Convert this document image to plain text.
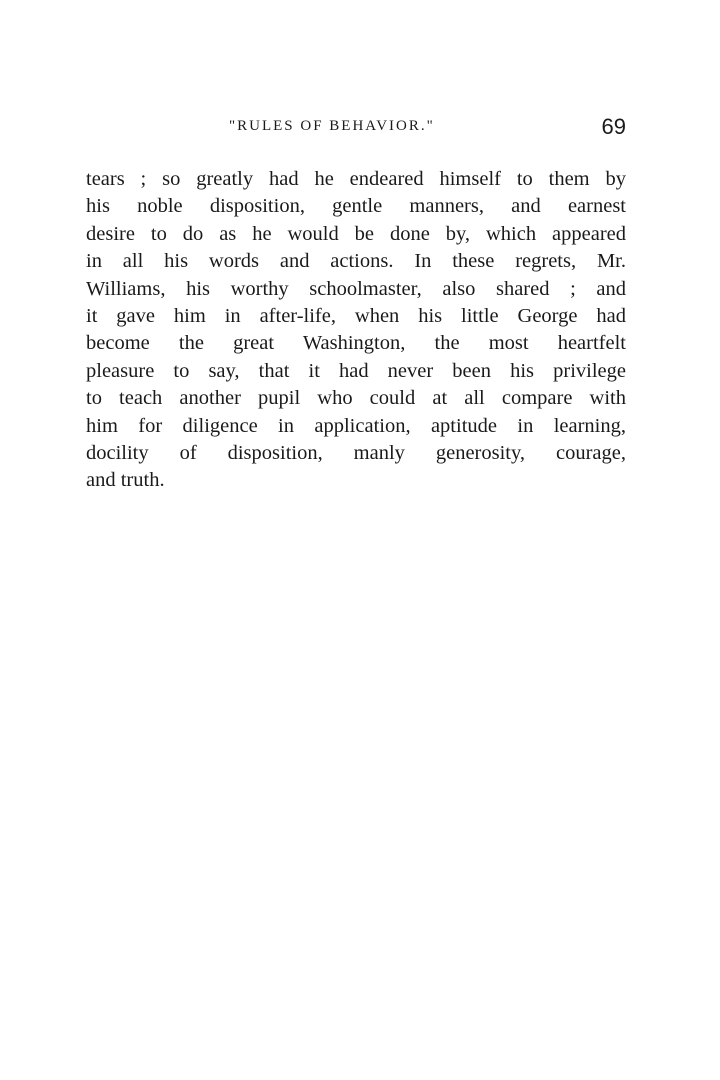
"RULES OF BEHAVIOR."	69
tears ; so greatly had he endeared himself to them by
his noble disposition, gentle manners, and earnest
desire to do as he would be done by, which appeared
in all his words and actions. In these regrets, Mr.
Williams, his worthy schoolmaster, also shared ; and
it gave him in after-life, when his little George had
become the great Washington, the most heartfelt
pleasure to say, that it had never been his privilege
to teach another pupil who could at all compare with
him for diligence in application, aptitude in learning,
docility of disposition, manly generosity, courage,
and truth.
